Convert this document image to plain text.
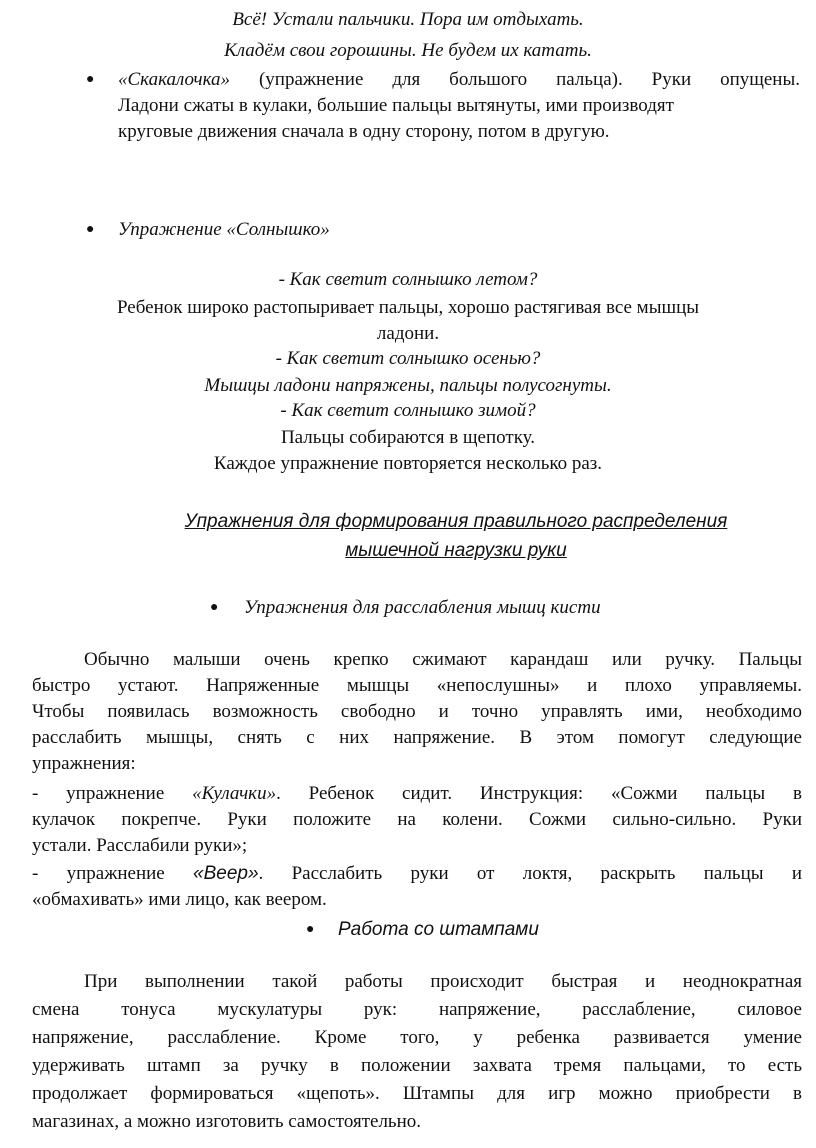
Всё! Устали пальчики. Пора им отдыхать.
Кладём свои горошины. Не будем их катать.
● «Скакалочка» (упражнение для большого пальца). Руки опущены.
Ладони сжаты в кулаки, большие пальцы вытянуты, ими производят
круговые движения сначала в одну сторону, потом в другую.
● Упражнение «Солнышко»
- Как светит солнышко летом?
Ребенок широко растопыривает пальцы, хорошо растягивая все мышцы
ладони.
- Как светит солнышко осенью?
Мышцы ладони напряжены, пальцы полусогнуты.
- Как светит солнышко зимой?
Пальцы собираются в щепотку.
Каждое упражнение повторяется несколько раз.
Упражнения для формирования правильного распределения
мышечной нагрузки руки
● Упражнения для расслабления мышц кисти
Обычно малыши очень крепко сжимают карандаш или ручку. Пальцы
быстро устают. Напряженные мышцы «непослушны» и плохо управляемы.
Чтобы появилась возможность свободно и точно управлять ими, необходимо
расслабить мышцы, снять с них напряжение. В этом помогут следующие
упражнения:
- упражнение «Кулачки». Ребенок сидит. Инструкция: «Сожми пальцы в
кулачок покрепче. Руки положите на колени. Сожми сильно-сильно. Руки
устали. Расслабили руки»;
- упражнение «Веер». Расслабить руки от локтя, раскрыть пальцы и
«обмахивать» ими лицо, как веером.
● Работа со штампами
При выполнении такой работы происходит быстрая и неоднократная
смена тонуса мускулатуры рук: напряжение, расслабление, силовое
напряжение, расслабление. Кроме того, у ребенка развивается умение
удерживать штамп за ручку в положении захвата тремя пальцами, то есть
продолжает формироваться «щепоть». Штампы для игр можно приобрести в
магазинах, а можно изготовить самостоятельно.
